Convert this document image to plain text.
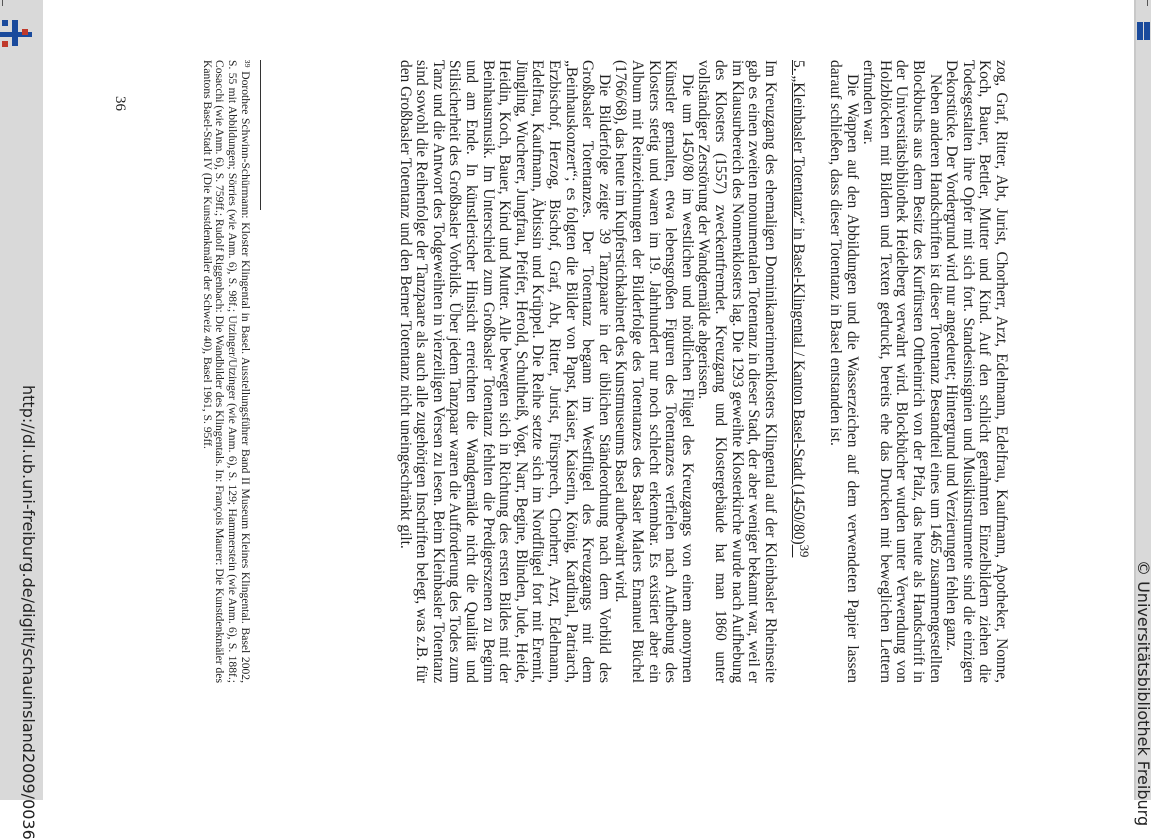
http://dl.ub.uni-freiburg.de/diglit/schauinsland2009/0036	© Universitätsbibliothek Freiburg

zog, Graf, Ritter, Abt, Jurist, Chorherr, Arzt, Edelmann, Edelfrau, Kaufmann, Apotheker, Nonne, Koch, Bauer, Bettler, Mutter und Kind. Auf den schlicht gerahmten Einzelbildern ziehen die Todesgestalten ihre Opfer mit sich fort. Standesinsignien und Musikinstrumente sind die einzigen Dekorstücke. Der Vordergrund wird nur angedeutet; Hintergrund und Verzierungen fehlen ganz.

Neben anderen Handschriften ist dieser Totentanz Bestandteil eines um 1465 zusammengestellten Blockbuchs aus dem Besitz des Kurfürsten Ottheinrich von der Pfalz, das heute als Handschrift in der Universitätsbibliothek Heidelberg verwahrt wird. Blockbücher wurden unter Verwendung von Holzblöcken mit Bildern und Texten gedruckt, bereits ehe das Drucken mit beweglichen Lettern erfunden war.

Die Wappen auf den Abbildungen und die Wasserzeichen auf dem verwendeten Papier lassen darauf schließen, dass dieser Totentanz in Basel entstanden ist.

5. „Kleinbasler Totentanz“ in Basel-Klingental / Kanton Basel-Stadt $(1450/80)^{39}$

Im Kreuzgang des ehemaligen Dominikanerinnenklosters Klingental auf der Kleinbasler Rheinseite gab es einen zweiten monumentalen Totentanz in dieser Stadt, der aber weniger bekannt war, weil er im Klausurbereich des Nonnenklosters lag. Die 1293 geweihte Klosterkirche wurde nach Aufhebung des Klosters (1557) zweckentfremdet. Kreuzgang und Klostergebäude hat man 1860 unter vollständiger Zerstörung der Wandgemälde abgerissen.

Die um 1450/80 im westlichen und nördlichen Flügel des Kreuzgangs von einem anonymen Künstler gemalten, etwa lebensgroßen Figuren des Totentanzes verfielen nach Aufhebung des Klosters stetig und waren im 19. Jahrhundert nur noch schlecht erkennbar. Es existiert aber ein Album mit Reinzeichnungen der Bilderfolge des Totentanzes des Basler Malers Emanuel Büchel (1766/68), das heute im Kupferstichkabinett des Kunstmuseums Basel aufbewahrt wird.

Die Bilderfolge zeigte 39 Tanzpaare in der üblichen Ständeordnung nach dem Vorbild des Großbasler Totentanzes. Der Totentanz begann im Westflügel des Kreuzgangs mit dem „Beinhauskonzert“; es folgten die Bilder von Papst, Kaiser, Kaiserin, König, Kardinal, Patriarch, Erzbischof, Herzog, Bischof, Graf, Abt, Ritter, Jurist, Fürsprech, Chorherr, Arzt, Edelmann, Edelfrau, Kaufmann, Äbtissin und Krüppel. Die Reihe setzte sich im Nordflügel fort mit Eremit, Jüngling, Wucherer, Jungfrau, Pfeifer, Herold, Schultheiß, Vogt, Narr, Begine, Blinden, Jude, Heide, Heidin, Koch, Bauer, Kind und Mutter. Alle bewegten sich in Richtung des ersten Bildes mit der Beinhausmusik. Im Unterschied zum Großbasler Totentanz fehlten die Predigerszenen zu Beginn und am Ende. In künstlerischer Hinsicht erreichten die Wandgemälde nicht die Qualität und Stilsicherheit des Großbasler Vorbilds. Über jedem Tanzpaar waren die Aufforderung des Todes zum Tanz und die Antwort des Todgeweihten in vierzeiligen Versen zu lesen. Beim Kleinbasler Totentanz sind sowohl die Reihenfolge der Tanzpaare als auch alle zugehörigen Inschriften belegt, was z.B. für den Großbasler Totentanz und den Berner Totentanz nicht uneingeschränkt gilt.

³⁹ Dorothee Schwinn-Schürmann: Kloster Klingental in Basel. Ausstellungsführer Band II Museum Kleines Klingental. Basel 2002, S. 55 mit Abbildungen; Sörries (wie Anm. 6), S. 98f.; Utzinger/Utzinger (wie Anm. 6), S. 129; Hammerstein (wie Anm. 6), S. 188f.; Cosacchi (wie Anm. 6), S. 759ff.; Rudolf Riggenbach: Die Wandbilder des Klingentals. In: François Maurer: Die Kunstdenkmäler des Kantons Basel-Stadt IV (Die Kunstdenkmäler der Schweiz 40), Basel 1961, S. 95ff.
36
